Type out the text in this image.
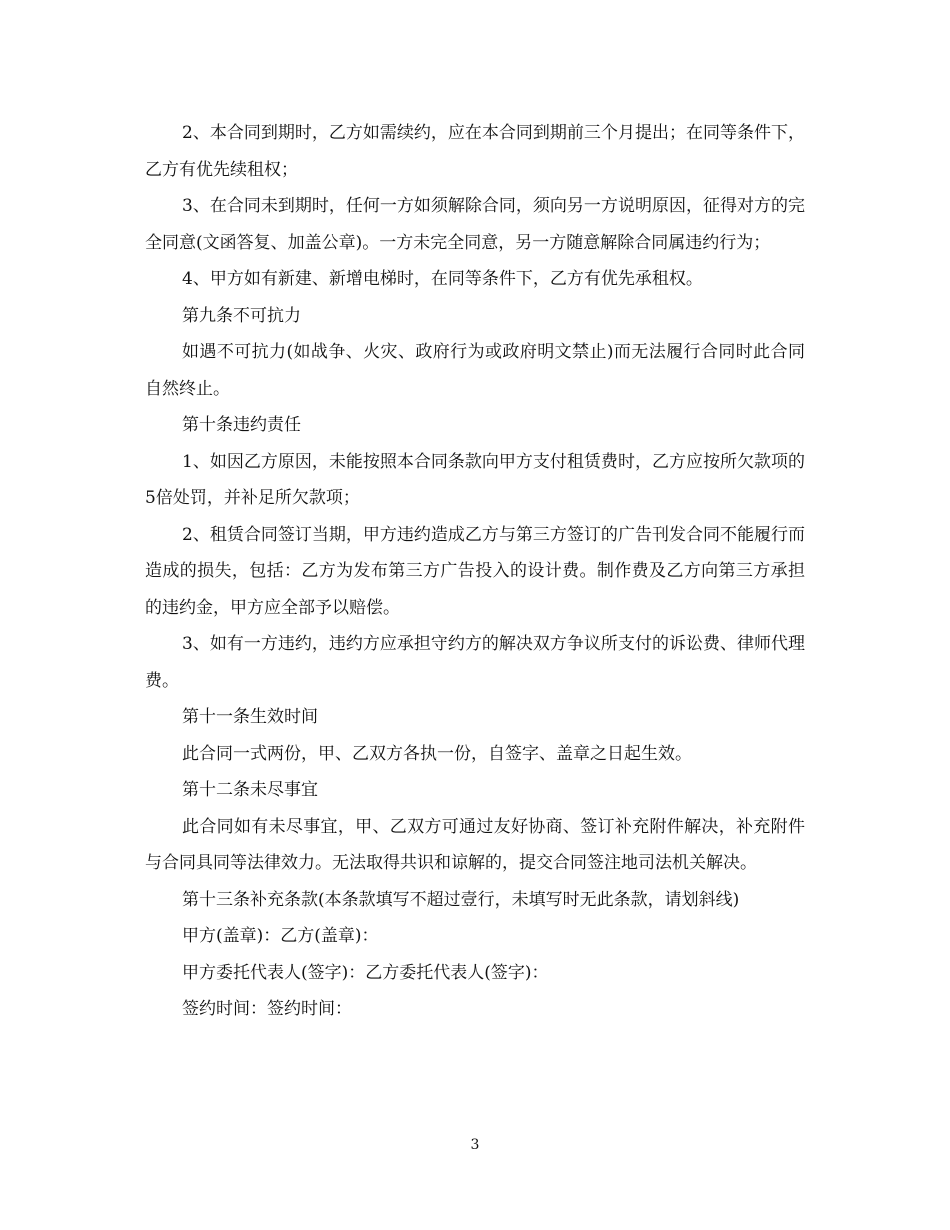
2、本合同到期时，乙方如需续约，应在本合同到期前三个月提出；在同等条件下，乙方有优先续租权；

3、在合同未到期时，任何一方如须解除合同，须向另一方说明原因，征得对方的完全同意(文函答复、加盖公章)。一方未完全同意，另一方随意解除合同属违约行为；

4、甲方如有新建、新增电梯时，在同等条件下，乙方有优先承租权。

第九条不可抗力

如遇不可抗力(如战争、火灾、政府行为或政府明文禁止)而无法履行合同时此合同自然终止。

第十条违约责任

1、如因乙方原因，未能按照本合同条款向甲方支付租赁费时，乙方应按所欠款项的5倍处罚，并补足所欠款项；

2、租赁合同签订当期，甲方违约造成乙方与第三方签订的广告刊发合同不能履行而造成的损失，包括：乙方为发布第三方广告投入的设计费。制作费及乙方向第三方承担的违约金，甲方应全部予以赔偿。

3、如有一方违约，违约方应承担守约方的解决双方争议所支付的诉讼费、律师代理费。

第十一条生效时间

此合同一式两份，甲、乙双方各执一份，自签字、盖章之日起生效。

第十二条未尽事宜

此合同如有未尽事宜，甲、乙双方可通过友好协商、签订补充附件解决，补充附件与合同具同等法律效力。无法取得共识和谅解的，提交合同签注地司法机关解决。

第十三条补充条款(本条款填写不超过壹行，未填写时无此条款，请划斜线)

甲方(盖章)：乙方(盖章)：

甲方委托代表人(签字)：乙方委托代表人(签字)：

签约时间：签约时间：

3
